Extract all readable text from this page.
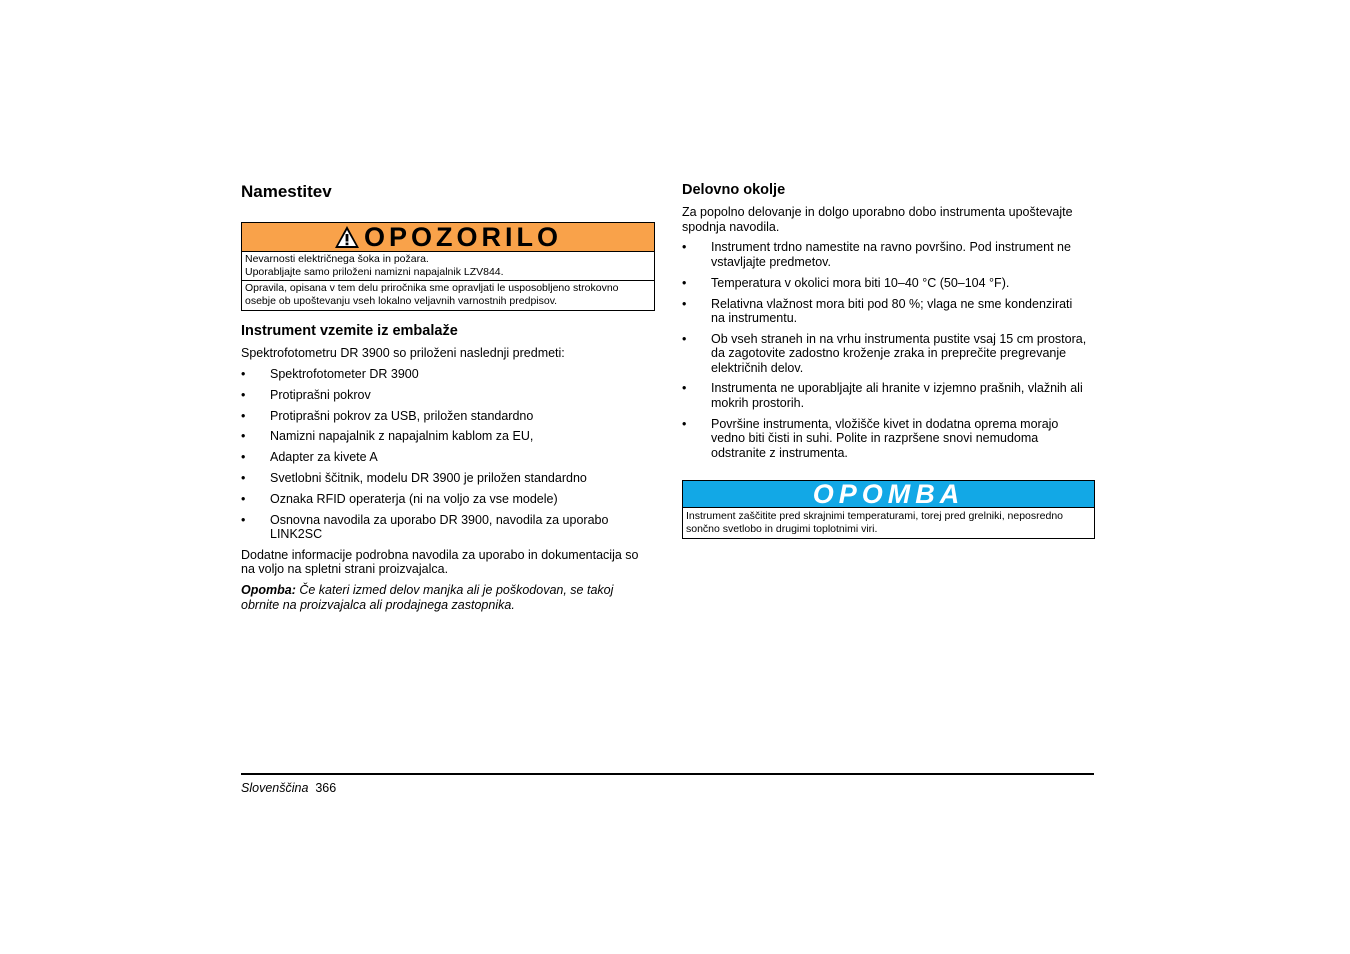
Namestitev
OPOZORILO
Nevarnosti električnega šoka in požara.
Uporabljajte samo priloženi namizni napajalnik LZV844.
Opravila, opisana v tem delu priročnika sme opravljati le usposobljeno strokovno
osebje ob upoštevanju vseh lokalno veljavnih varnostnih predpisov.
Instrument vzemite iz embalaže

Spektrofotometru DR 3900 so priloženi naslednji predmeti:

• Spektrofotometer DR 3900
• Protiprašni pokrov
• Protiprašni pokrov za USB, priložen standardno
• Namizni napajalnik z napajalnim kablom za EU,
• Adapter za kivete A
• Svetlobni ščitnik, modelu DR 3900 je priložen standardno
• Oznaka RFID operaterja (ni na voljo za vse modele)
• Osnovna navodila za uporabo DR 3900, navodila za uporabo
LINK2SC

Dodatne informacije podrobna navodila za uporabo in dokumentacija so

na voljo na spletni strani proizvajalca.

Opomba: Če kateri izmed delov manjka ali je poškodovan, se takoj

obrnite na proizvajalca ali prodajnega zastopnika.

Delovno okolje

Za popolno delovanje in dolgo uporabno dobo instrumenta upoštevajte

spodnja navodila.

• Instrument trdno namestite na ravno površino. Pod instrument ne
vstavljajte predmetov.
• Temperatura v okolici mora biti 10–40 °C (50–104 °F).
• Relativna vlažnost mora biti pod 80 %; vlaga ne sme kondenzirati
na instrumentu.
• Ob vseh straneh in na vrhu instrumenta pustite vsaj 15 cm prostora,
da zagotovite zadostno kroženje zraka in preprečite pregrevanje
električnih delov.
• Instrumenta ne uporabljajte ali hranite v izjemno prašnih, vlažnih ali
mokrih prostorih.
• Površine instrumenta, vložišče kivet in dodatna oprema morajo
vedno biti čisti in suhi. Polite in razpršene snovi nemudoma
odstranite z instrumenta.
OPOMBA
Instrument zaščitite pred skrajnimi temperaturami, torej pred grelniki, neposredno
sončno svetlobo in drugimi toplotnimi viri.
Slovenščina 366
